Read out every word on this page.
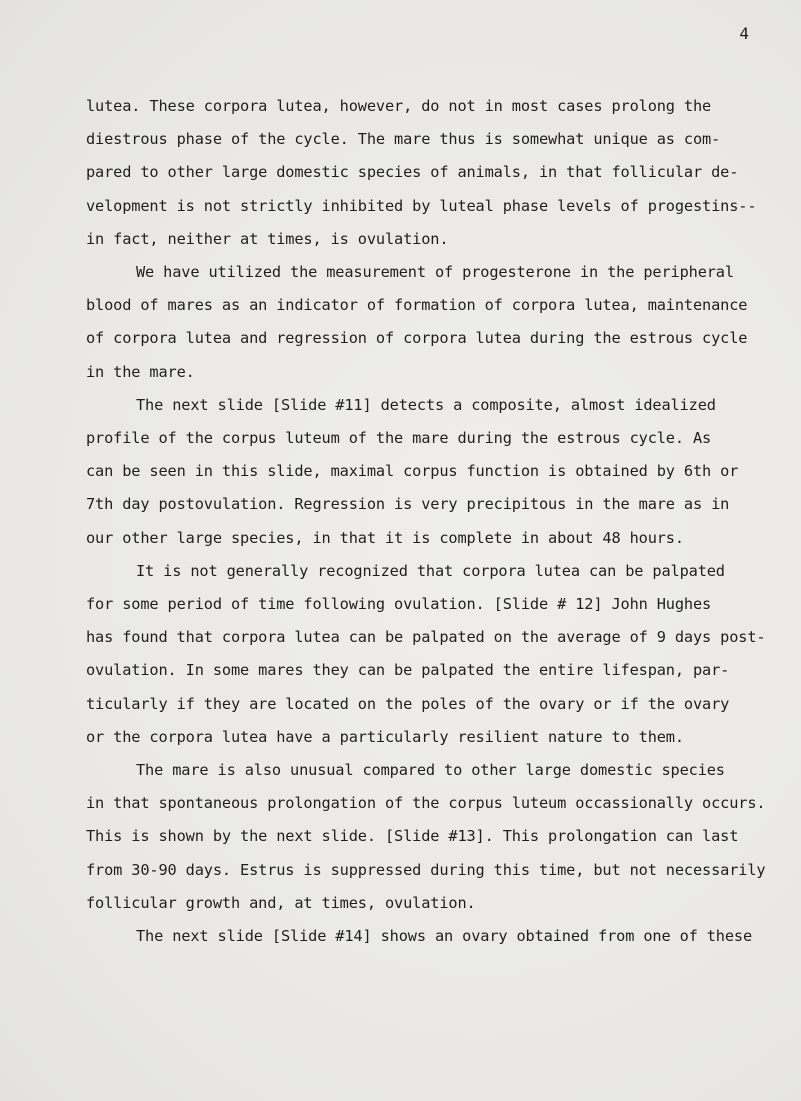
4
lutea. These corpora lutea, however, do not in most cases prolong the
diestrous phase of the cycle. The mare thus is somewhat unique as com-
pared to other large domestic species of animals, in that follicular de-
velopment is not strictly inhibited by luteal phase levels of progestins--
in fact, neither at times, is ovulation.
We have utilized the measurement of progesterone in the peripheral
blood of mares as an indicator of formation of corpora lutea, maintenance
of corpora lutea and regression of corpora lutea during the estrous cycle
in the mare.
The next slide [Slide #11] detects a composite, almost idealized
profile of the corpus luteum of the mare during the estrous cycle. As
can be seen in this slide, maximal corpus function is obtained by 6th or
7th day postovulation. Regression is very precipitous in the mare as in
our other large species, in that it is complete in about 48 hours.
It is not generally recognized that corpora lutea can be palpated
for some period of time following ovulation. [Slide # 12] John Hughes
has found that corpora lutea can be palpated on the average of 9 days post-
ovulation. In some mares they can be palpated the entire lifespan, par-
ticularly if they are located on the poles of the ovary or if the ovary
or the corpora lutea have a particularly resilient nature to them.
The mare is also unusual compared to other large domestic species
in that spontaneous prolongation of the corpus luteum occassionally occurs.
This is shown by the next slide. [Slide #13]. This prolongation can last
from 30-90 days. Estrus is suppressed during this time, but not necessarily
follicular growth and, at times, ovulation.
The next slide [Slide #14] shows an ovary obtained from one of these
